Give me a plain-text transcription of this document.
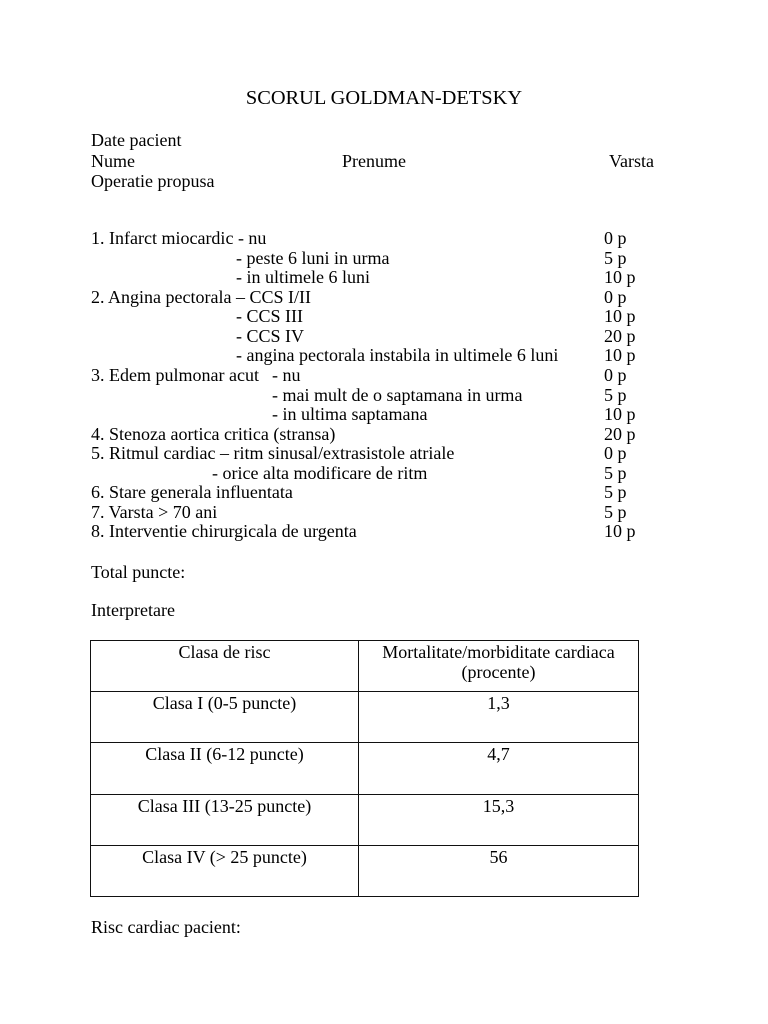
SCORUL GOLDMAN-DETSKY
Date pacient
Nume	Prenume	Varsta
Operatie propusa
1. Infarct miocardic - nu	0 p
- peste 6 luni in urma	5 p
- in ultimele 6 luni	10 p
2. Angina pectorala – CCS I/II	0 p
- CCS III	10 p
- CCS IV	20 p
- angina pectorala instabila in ultimele 6 luni	10 p
3. Edem pulmonar acut - nu	0 p
- mai mult de o saptamana in urma	5 p
- in ultima saptamana	10 p
4. Stenoza aortica critica (stransa)	20 p
5. Ritmul cardiac – ritm sinusal/extrasistole atriale	0 p
- orice alta modificare de ritm	5 p
6. Stare generala influentata	5 p
7. Varsta > 70 ani	5 p
8. Interventie chirurgicala de urgenta	10 p
Total puncte:
Interpretare
Clasa de risc	Mortalitate/morbiditate cardiaca
(procente)

Clasa I (0-5 puncte)	1,3
Clasa II (6-12 puncte)	4,7
Clasa III (13-25 puncte)	15,3
Clasa IV (> 25 puncte)	56
Risc cardiac pacient:
